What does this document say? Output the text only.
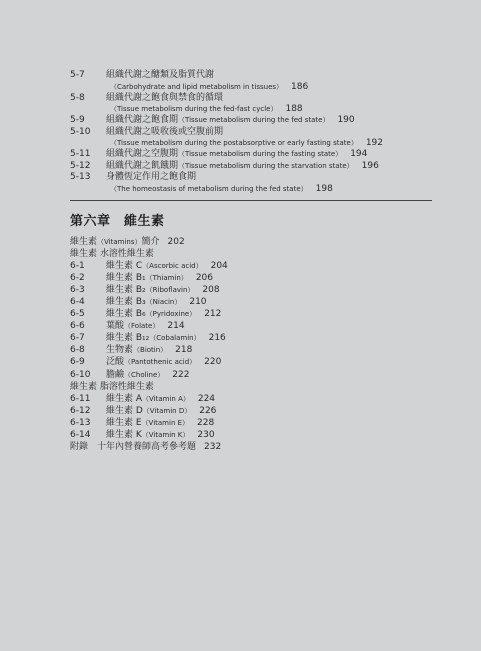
5-7 組織代謝之醣類及脂質代謝
（Carbohydrate and lipid metabolism in tissues） 186
5-8 組織代謝之飽食與禁食的循環
（Tissue metabolism during the fed-fast cycle） 188
5-9 組織代謝之飽食期（Tissue metabolism during the fed state） 190
5-10 組織代謝之吸收後或空腹前期
（Tissue metabolism during the postabsorptive or early fasting state） 192
5-11 組織代謝之空腹期（Tissue metabolism during the fasting state） 194
5-12 組織代謝之飢餓期（Tissue metabolism during the starvation state） 196
5-13 身體恆定作用之飽食期
（The homeostasis of metabolism during the fed state） 198
第六章　維生素
維生素（Vitamins）簡介 202
維生素 水溶性維生素
6-1 維生素 C（Ascorbic acid） 204
6-2 維生素 B₁（Thiamin） 206
6-3 維生素 B₂（Riboflavin） 208
6-4 維生素 B₃（Niacin） 210
6-5 維生素 B₆（Pyridoxine） 212
6-6 葉酸（Folate） 214
6-7 維生素 B₁₂（Cobalamin） 216
6-8 生物素（Biotin） 218
6-9 泛酸（Pantothenic acid） 220
6-10 膽鹼（Choline） 222
維生素 脂溶性維生素
6-11 維生素 A（Vitamin A） 224
6-12 維生素 D（Vitamin D） 226
6-13 維生素 E（Vitamin E） 228
6-14 維生素 K（Vitamin K） 230
附錄　十年內營養師高考參考題 232
